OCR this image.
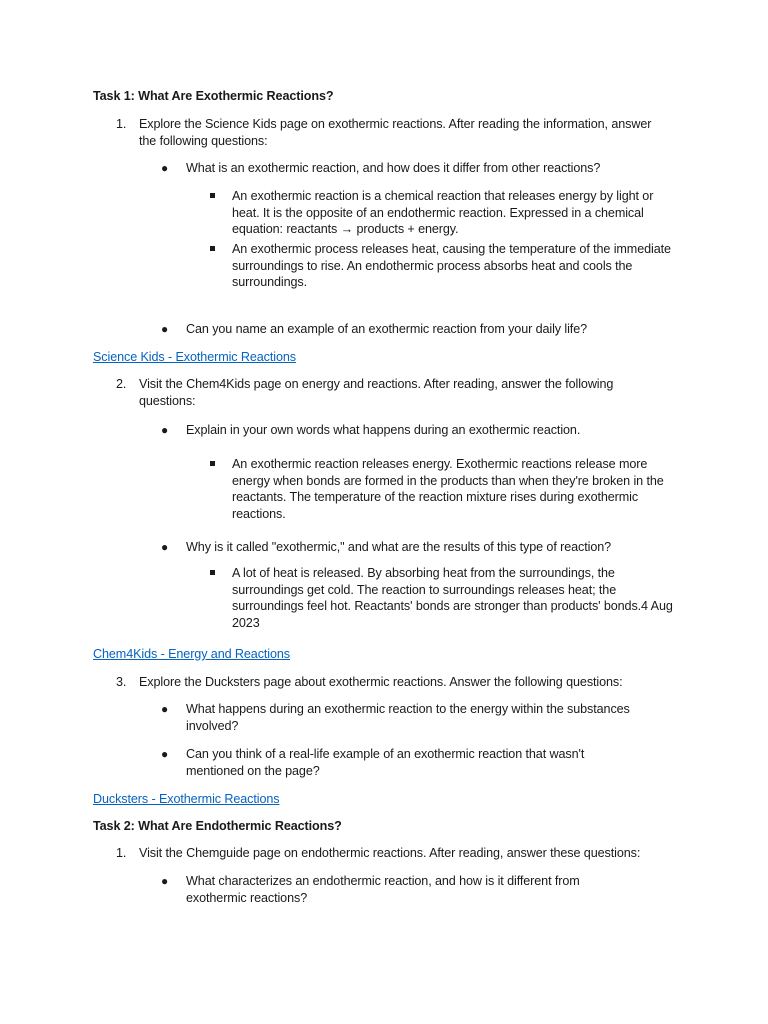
Task 1: What Are Exothermic Reactions?
1. Explore the Science Kids page on exothermic reactions. After reading the information, answer the following questions:
● What is an exothermic reaction, and how does it differ from other reactions?
An exothermic reaction is a chemical reaction that releases energy by light or heat. It is the opposite of an endothermic reaction. Expressed in a chemical equation: reactants → products + energy.
An exothermic process releases heat, causing the temperature of the immediate surroundings to rise. An endothermic process absorbs heat and cools the surroundings.
● Can you name an example of an exothermic reaction from your daily life?
Science Kids - Exothermic Reactions
2. Visit the Chem4Kids page on energy and reactions. After reading, answer the following questions:
● Explain in your own words what happens during an exothermic reaction.
An exothermic reaction releases energy. Exothermic reactions release more energy when bonds are formed in the products than when they're broken in the reactants. The temperature of the reaction mixture rises during exothermic reactions.
● Why is it called "exothermic," and what are the results of this type of reaction?
A lot of heat is released. By absorbing heat from the surroundings, the surroundings get cold. The reaction to surroundings releases heat; the surroundings feel hot. Reactants' bonds are stronger than products' bonds.4 Aug 2023
Chem4Kids - Energy and Reactions
3. Explore the Ducksters page about exothermic reactions. Answer the following questions:
● What happens during an exothermic reaction to the energy within the substances involved?
● Can you think of a real-life example of an exothermic reaction that wasn't mentioned on the page?
Ducksters - Exothermic Reactions
Task 2: What Are Endothermic Reactions?
1. Visit the Chemguide page on endothermic reactions. After reading, answer these questions:
● What characterizes an endothermic reaction, and how is it different from exothermic reactions?
